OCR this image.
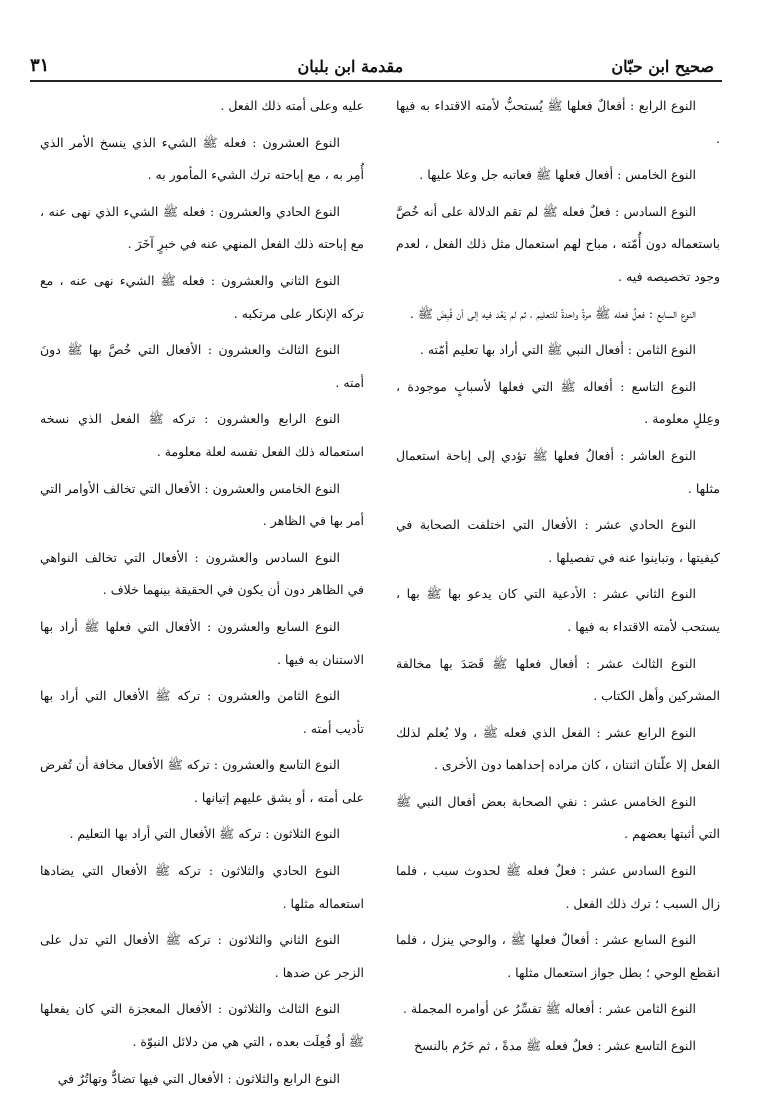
صحيح ابن حبّان
مقدمة ابن بلبان
٣١

النوع الرابع : أفعالٌ فعلها ﷺ يُستحبُّ لأمته الاقتداء به فيها .

النوع الخامس : أفعال فعلها ﷺ فعاتبه جل وعلا عليها .

النوع السادس : فعلٌ فعله ﷺ لم تقم الدلالة على أنه خُصَّ باستعماله دون أُمّته ، مباح لهم استعمال مثل ذلك الفعل ، لعدم وجود تخصيصه فيه .

النوع السابع : فعلٌ فعله ﷺ مرةً واحدةً للتعليم ، ثم لم يَعُد فيه إلى أن قُبِضَ ﷺ .

النوع الثامن : أفعال النبي ﷺ التي أراد بها تعليم أمّته .

النوع التاسع : أفعاله ﷺ التي فعلها لأسبابٍ موجودة ، وعِللٍ معلومة .

النوع العاشر : أفعالٌ فعلها ﷺ تؤدي إلى إباحة استعمال مثلها .

النوع الحادي عشر : الأفعال التي اختلفت الصحابة في كيفيتها ، وتباينوا عنه في تفصيلها .

النوع الثاني عشر : الأدعية التي كان يدعو بها ﷺ بها ، يستحب لأمته الاقتداء به فيها .

النوع الثالث عشر : أفعال فعلها ﷺ قَصَدَ بها مخالفة المشركين وأهل الكتاب .

النوع الرابع عشر : الفعل الذي فعله ﷺ ، ولا يُعلم لذلك الفعل إلا علّتان اثنتان ، كان مراده إحداهما دون الأخرى .

النوع الخامس عشر : نفي الصحابة بعض أفعال النبي ﷺ التي أثبتها بعضهم .

النوع السادس عشر : فعلٌ فعله ﷺ لحدوث سبب ، فلما زال السبب ؛ ترك ذلك الفعل .

النوع السابع عشر : أفعالٌ فعلها ﷺ ، والوحي ينزل ، فلما انقطع الوحي ؛ بطل جواز استعمال مثلها .

النوع الثامن عشر : أفعاله ﷺ تفسِّرُ عن أوامره المجملة .

النوع التاسع عشر : فعلٌ فعله ﷺ مدةً ، ثم حَرُم بالنسخ

عليه وعلى أمته ذلك الفعل .

النوع العشرون : فعله ﷺ الشيء الذي ينسخ الأمر الذي أُمِر به ، مع إباحته ترك الشيء المأمور به .

النوع الحادي والعشرون : فعله ﷺ الشيء الذي نهى عنه ، مع إباحته ذلك الفعل المنهي عنه في خبرٍ آخَرَ .

النوع الثاني والعشرون : فعله ﷺ الشيء نهى عنه ، مع تركه الإنكار على مرتكبه .

النوع الثالث والعشرون : الأفعال التي خُصَّ بها ﷺ دونَ أمته .

النوع الرابع والعشرون : تركه ﷺ الفعل الذي نسخه استعماله ذلك الفعل نفسه لعلة معلومة .

النوع الخامس والعشرون : الأفعال التي تخالف الأوامر التي أمر بها في الظاهر .

النوع السادس والعشرون : الأفعال التي تخالف النواهي في الظاهر دون أن يكون في الحقيقة بينهما خلاف .

النوع السابع والعشرون : الأفعال التي فعلها ﷺ أراد بها الاستنان به فيها .

النوع الثامن والعشرون : تركه ﷺ الأفعال التي أراد بها تأديب أمته .

النوع التاسع والعشرون : تركه ﷺ الأفعال مخافة أن تُفرض على أمته ، أو يشق عليهم إتيانها .

النوع الثلاثون : تركه ﷺ الأفعال التي أراد بها التعليم .

النوع الحادي والثلاثون : تركه ﷺ الأفعال التي يضادها استعماله مثلها .

النوع الثاني والثلاثون : تركه ﷺ الأفعال التي تدل على الزجر عن ضدها .

النوع الثالث والثلاثون : الأفعال المعجزة التي كان يفعلها ﷺ أو فُعِلَت بعده ، التي هي من دلائل النبوّة .

النوع الرابع والثلاثون : الأفعال التي فيها تضادٌّ وتهاتُرٌ في
